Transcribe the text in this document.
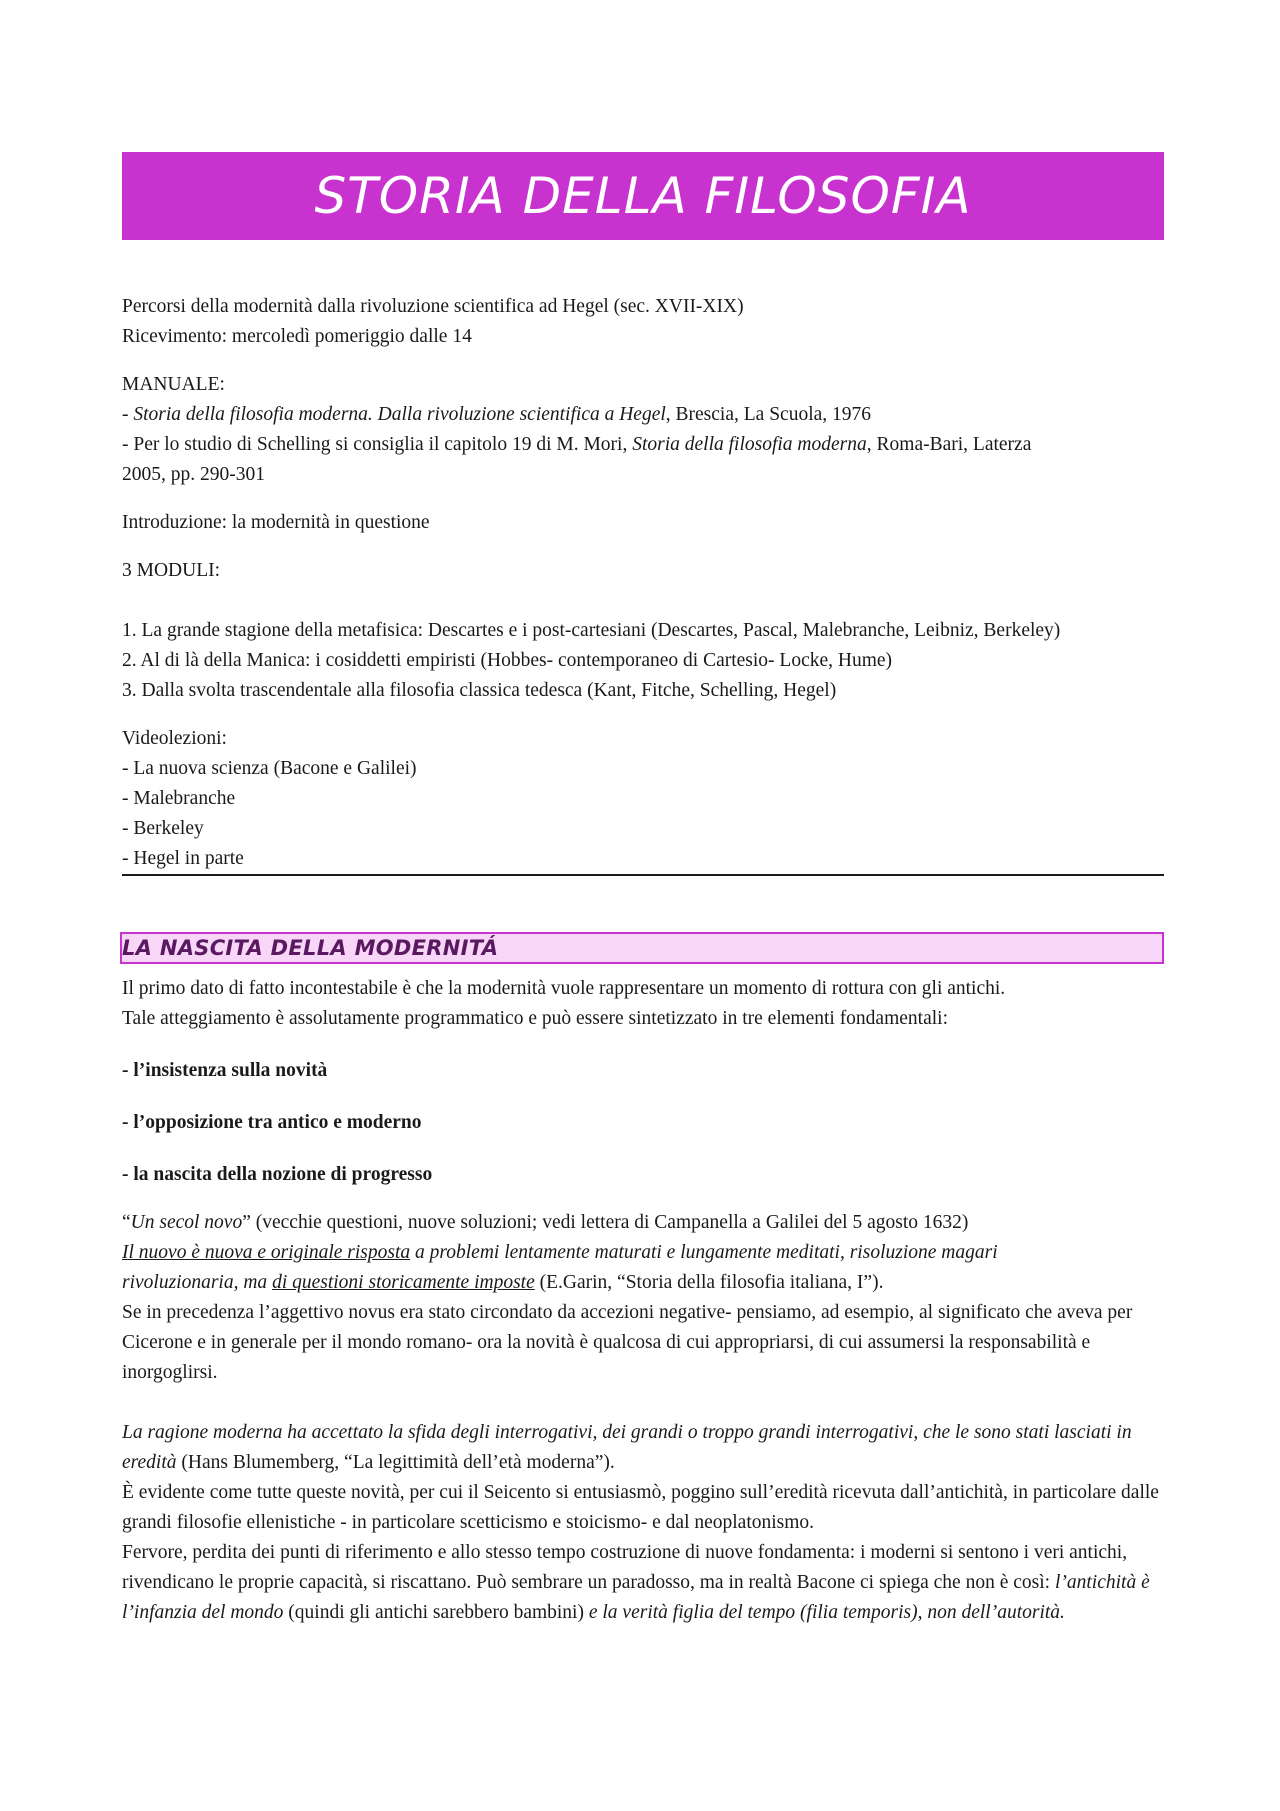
STORIA DELLA FILOSOFIA

Percorsi della modernità dalla rivoluzione scientifica ad Hegel (sec. XVII-XIX)

Ricevimento: mercoledì pomeriggio dalle 14

MANUALE:

- Storia della filosofia moderna. Dalla rivoluzione scientifica a Hegel, Brescia, La Scuola, 1976

- Per lo studio di Schelling si consiglia il capitolo 19 di M. Mori, Storia della filosofia moderna, Roma-Bari, Laterza
2005, pp. 290-301

Introduzione: la modernità in questione

3 MODULI:

1. La grande stagione della metafisica: Descartes e i post-cartesiani (Descartes, Pascal, Malebranche, Leibniz, Berkeley)

2. Al di là della Manica: i cosiddetti empiristi (Hobbes- contemporaneo di Cartesio- Locke, Hume)

3. Dalla svolta trascendentale alla filosofia classica tedesca (Kant, Fitche, Schelling, Hegel)

Videolezioni:

- La nuova scienza (Bacone e Galilei)

- Malebranche

- Berkeley

- Hegel in parte

LA NASCITA DELLA MODERNITÁ

Il primo dato di fatto incontestabile è che la modernità vuole rappresentare un momento di rottura con gli antichi.

Tale atteggiamento è assolutamente programmatico e può essere sintetizzato in tre elementi fondamentali:

- l’insistenza sulla novità

- l’opposizione tra antico e moderno

- la nascita della nozione di progresso

“Un secol novo” (vecchie questioni, nuove soluzioni; vedi lettera di Campanella a Galilei del 5 agosto 1632)

Il nuovo è nuova e originale risposta a problemi lentamente maturati e lungamente meditati, risoluzione magari
rivoluzionaria, ma di questioni storicamente imposte (E.Garin, “Storia della filosofia italiana, I”).

Se in precedenza l’aggettivo novus era stato circondato da accezioni negative- pensiamo, ad esempio, al significato che aveva per Cicerone e in generale per il mondo romano- ora la novità è qualcosa di cui appropriarsi, di cui assumersi la responsabilità e inorgoglirsi.

La ragione moderna ha accettato la sfida degli interrogativi, dei grandi o troppo grandi interrogativi, che le sono stati lasciati in eredità (Hans Blumemberg, “La legittimità dell’età moderna”).

È evidente come tutte queste novità, per cui il Seicento si entusiasmò, poggino sull’eredità ricevuta dall’antichità, in particolare dalle grandi filosofie ellenistiche - in particolare scetticismo e stoicismo- e dal neoplatonismo.

Fervore, perdita dei punti di riferimento e allo stesso tempo costruzione di nuove fondamenta: i moderni si sentono i veri antichi, rivendicano le proprie capacità, si riscattano. Può sembrare un paradosso, ma in realtà Bacone ci spiega che non è così: l’antichità è l’infanzia del mondo (quindi gli antichi sarebbero bambini) e la verità figlia del tempo (filia temporis), non dell’autorità.
